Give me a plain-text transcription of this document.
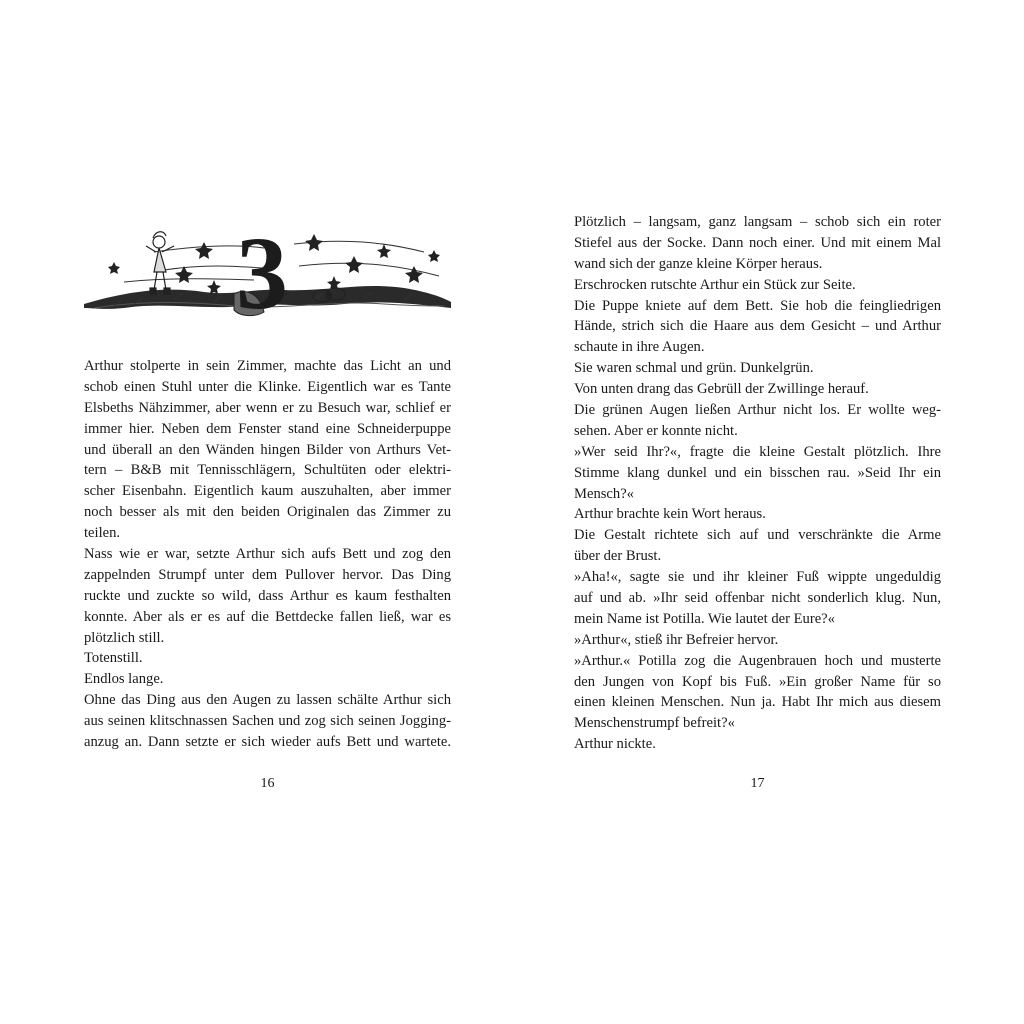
3
Arthur stolperte in sein Zimmer, machte das Licht an und
schob einen Stuhl unter die Klinke. Eigentlich war es Tante
Elsbeths Nähzimmer, aber wenn er zu Besuch war, schlief er
immer hier. Neben dem Fenster stand eine Schneiderpuppe
und überall an den Wänden hingen Bilder von Arthurs Vet-
tern – B&B mit Tennisschlägern, Schultüten oder elektri-
scher Eisenbahn. Eigentlich kaum auszuhalten, aber immer
noch besser als mit den beiden Originalen das Zimmer zu
teilen.
Nass wie er war, setzte Arthur sich aufs Bett und zog den
zappelnden Strumpf unter dem Pullover hervor. Das Ding
ruckte und zuckte so wild, dass Arthur es kaum festhalten
konnte. Aber als er es auf die Bettdecke fallen ließ, war es
plötzlich still.
Totenstill.
Endlos lange.
Ohne das Ding aus den Augen zu lassen schälte Arthur sich
aus seinen klitschnassen Sachen und zog sich seinen Jogging-
anzug an. Dann setzte er sich wieder aufs Bett und wartete.
16
Plötzlich – langsam, ganz langsam – schob sich ein roter
Stiefel aus der Socke. Dann noch einer. Und mit einem Mal
wand sich der ganze kleine Körper heraus.
Erschrocken rutschte Arthur ein Stück zur Seite.
Die Puppe kniete auf dem Bett. Sie hob die feingliedrigen
Hände, strich sich die Haare aus dem Gesicht – und Arthur
schaute in ihre Augen.
Sie waren schmal und grün. Dunkelgrün.
Von unten drang das Gebrüll der Zwillinge herauf.
Die grünen Augen ließen Arthur nicht los. Er wollte weg-
sehen. Aber er konnte nicht.
»Wer seid Ihr?«, fragte die kleine Gestalt plötzlich. Ihre
Stimme klang dunkel und ein bisschen rau. »Seid Ihr ein
Mensch?«
Arthur brachte kein Wort heraus.
Die Gestalt richtete sich auf und verschränkte die Arme
über der Brust.
»Aha!«, sagte sie und ihr kleiner Fuß wippte ungeduldig
auf und ab. »Ihr seid offenbar nicht sonderlich klug. Nun,
mein Name ist Potilla. Wie lautet der Eure?«
»Arthur«, stieß ihr Befreier hervor.
»Arthur.« Potilla zog die Augenbrauen hoch und musterte
den Jungen von Kopf bis Fuß. »Ein großer Name für so
einen kleinen Menschen. Nun ja. Habt Ihr mich aus diesem
Menschenstrumpf befreit?«
Arthur nickte.
17
